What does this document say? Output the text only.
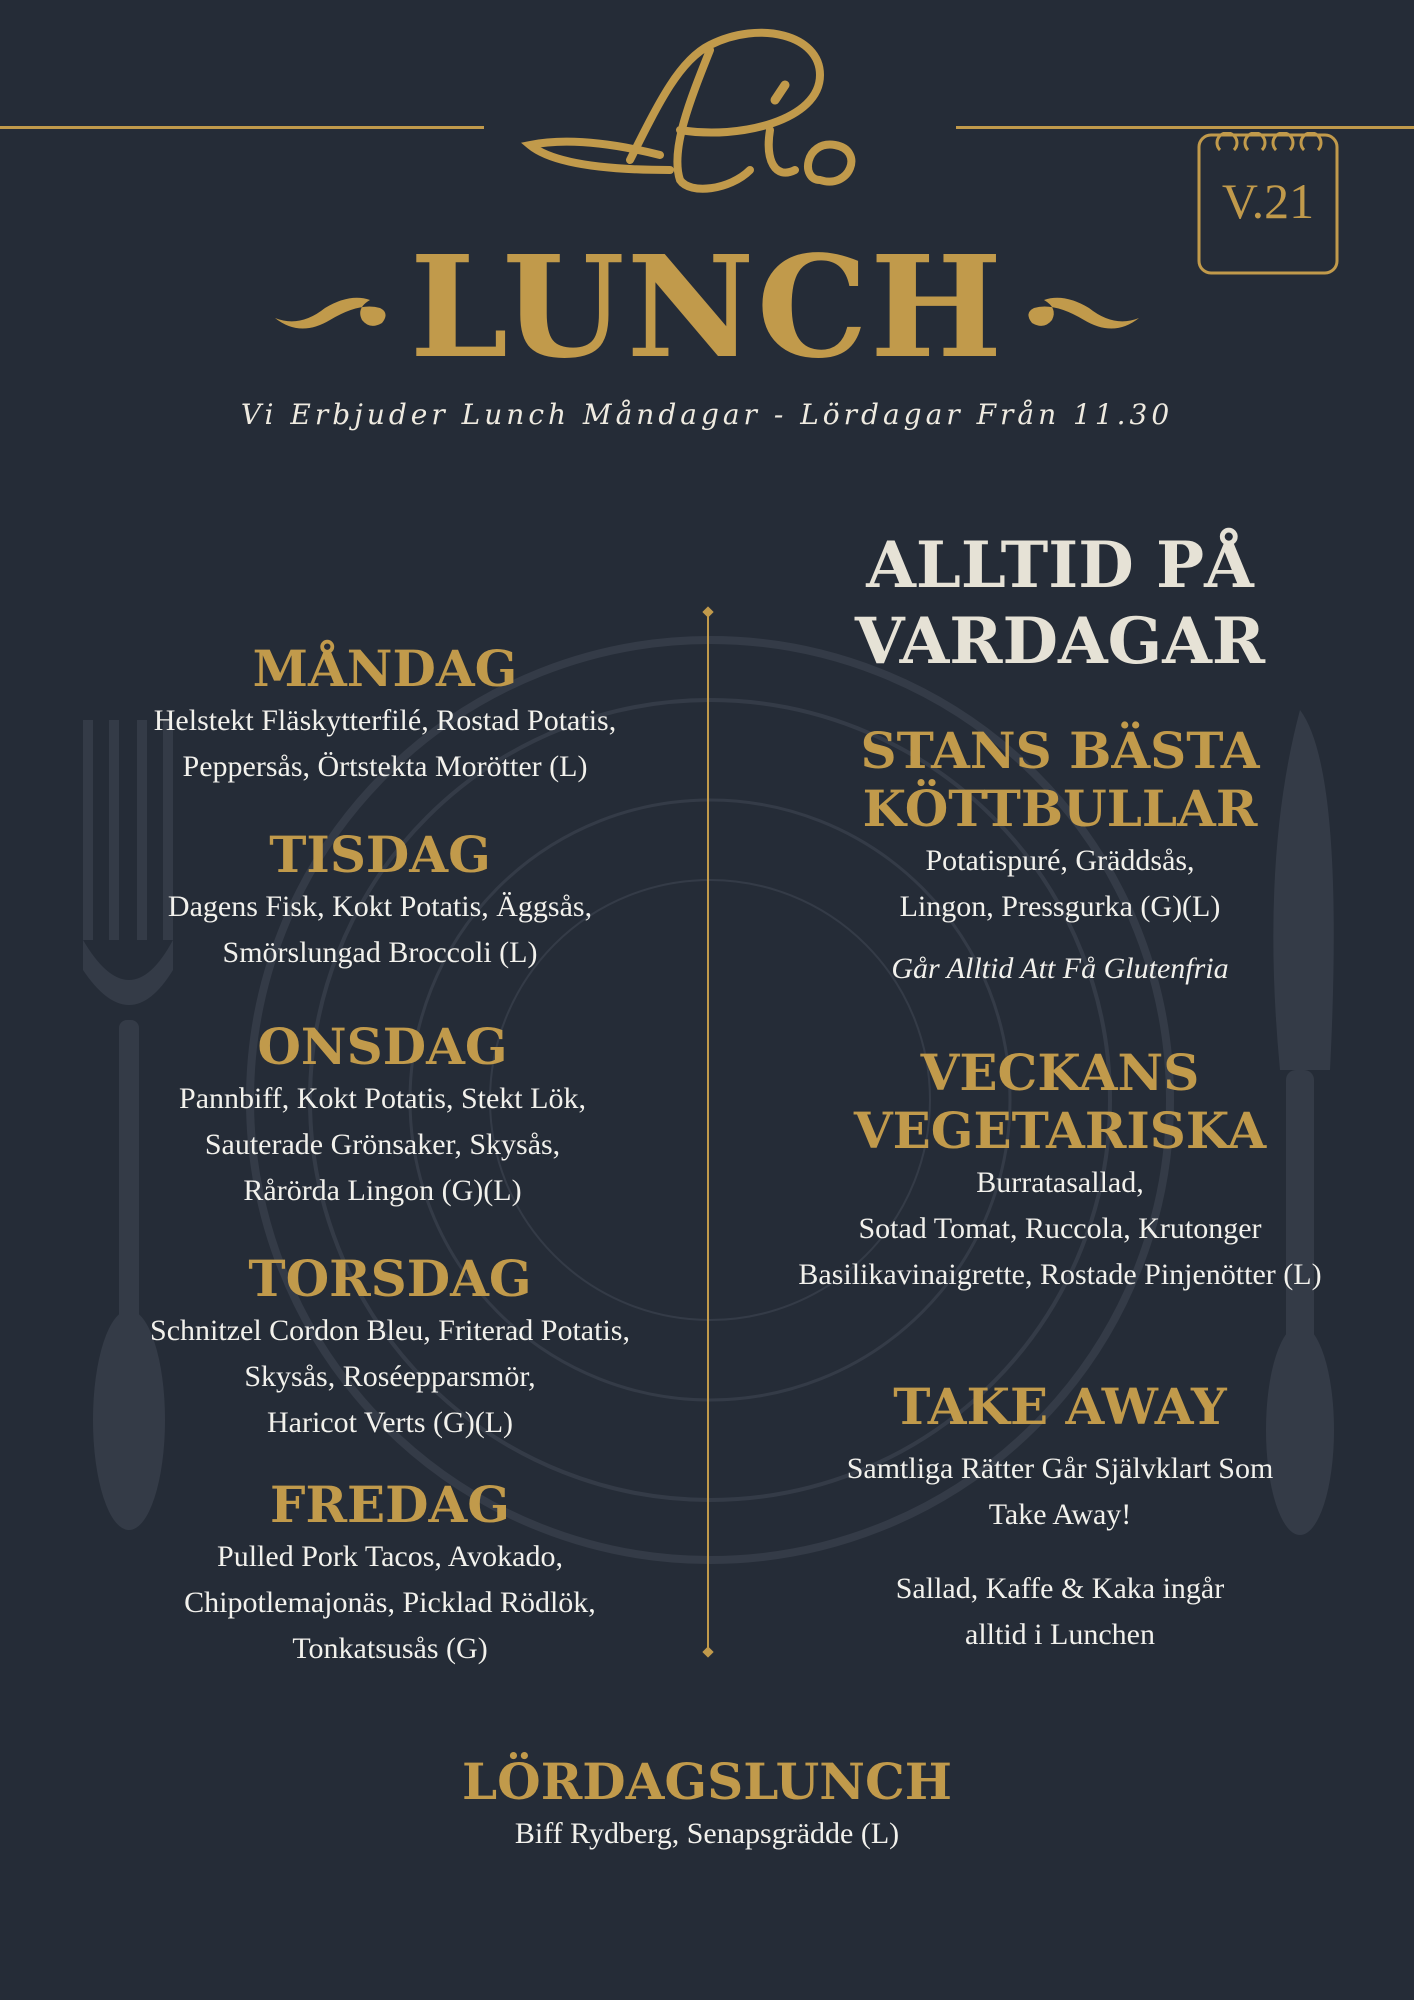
V.21
LUNCH
Vi Erbjuder Lunch Måndagar - Lördagar Från 11.30

MÅNDAG

Helstekt Fläskytterfilé, Rostad Potatis,

Peppersås, Örtstekta Morötter (L)

TISDAG

Dagens Fisk, Kokt Potatis, Äggsås,

Smörslungad Broccoli (L)

ONSDAG

Pannbiff, Kokt Potatis, Stekt Lök,

Sauterade Grönsaker, Skysås,

Rårörda Lingon (G)(L)

TORSDAG

Schnitzel Cordon Bleu, Friterad Potatis,

Skysås, Roséepparsmör,

Haricot Verts (G)(L)

FREDAG

Pulled Pork Tacos, Avokado,

Chipotlemajonäs, Picklad Rödlök,

Tonkatsusås (G)

ALLTID PÅ

VARDAGAR

STANS BÄSTA

KÖTTBULLAR

Potatispuré, Gräddsås,

Lingon, Pressgurka (G)(L)

Går Alltid Att Få Glutenfria

VECKANS

VEGETARISKA

Burratasallad,

Sotad Tomat, Ruccola, Krutonger

Basilikavinaigrette, Rostade Pinjenötter (L)

TAKE AWAY

Samtliga Rätter Går Självklart Som

Take Away!

Sallad, Kaffe & Kaka ingår

alltid i Lunchen

LÖRDAGSLUNCH

Biff Rydberg, Senapsgrädde (L)
